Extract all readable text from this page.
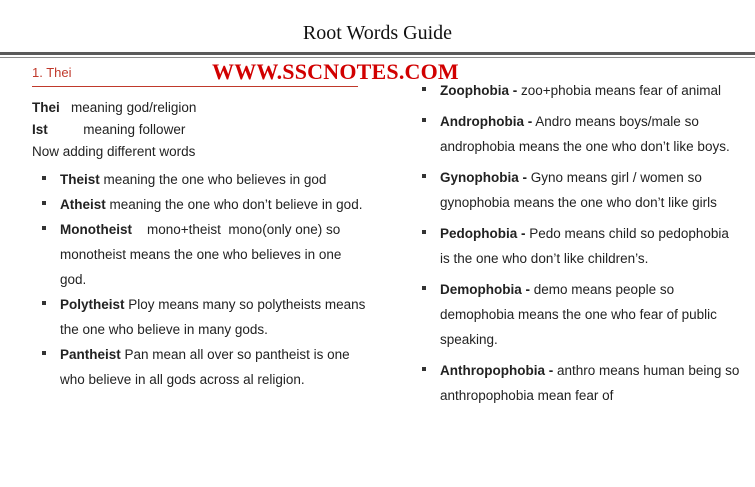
Root Words Guide
WWW.SSCNOTES.COM
1. Thei
Thei meaning god/religion
Ist	meaning follower
Now adding different words
Theist meaning the one who believes in god
Atheist meaning the one who don’t believe in god.
Monotheist    mono+theist  mono(only one) so monotheist means the one who believes in one god.
Polytheist Ploy means many so polytheists means the one who believe in many gods.
Pantheist Pan mean all over so pantheist is one who believe in all gods across al religion.
Zoophobia - zoo+phobia means fear of animal
Androphobia - Andro means boys/male so androphobia means the one who don’t like boys.
Gynophobia - Gyno means girl / women so gynophobia means the one who don’t like girls
Pedophobia - Pedo means child so pedophobia is the one who don’t like children’s.
Demophobia - demo means people so demophobia means the one who fear of public speaking.
Anthropophobia - anthro means human being so anthropophobia mean fear of
